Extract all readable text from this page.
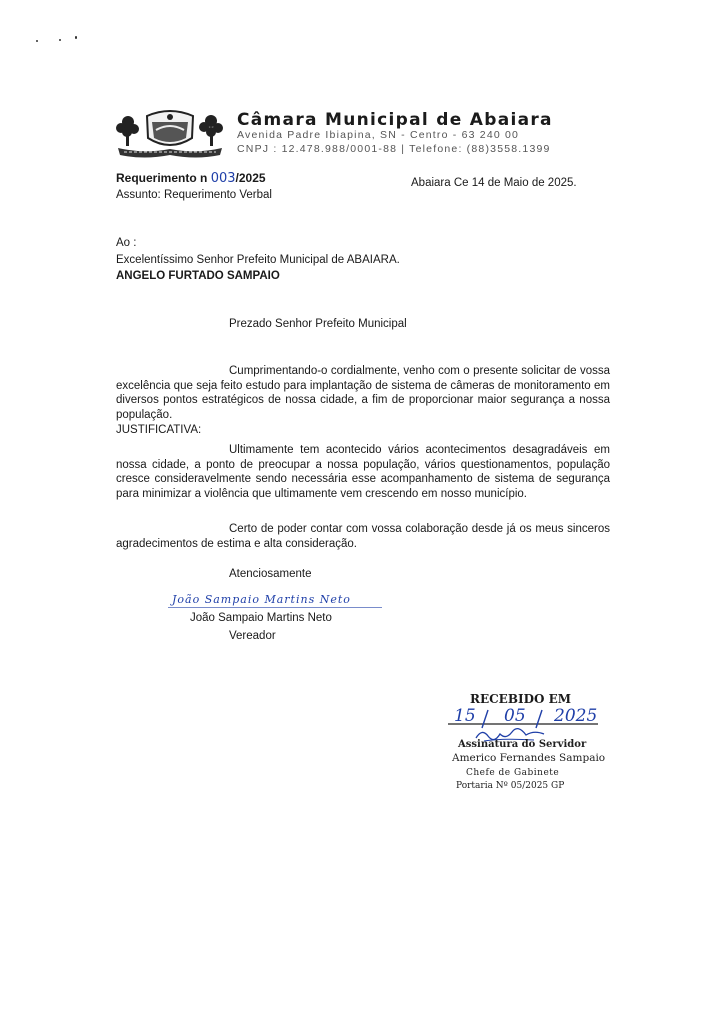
Câmara Municipal de Abaiara
Avenida Padre Ibiapina, SN - Centro - 63 240 00
CNPJ : 12.478.988/0001-88 | Telefone: (88)3558.1399
Requerimento n 003/2025
Assunto: Requerimento Verbal
Abaiara Ce 14 de Maio de 2025.
Ao :
Excelentíssimo Senhor Prefeito Municipal de ABAIARA.
ANGELO FURTADO SAMPAIO
Prezado Senhor Prefeito Municipal
Cumprimentando-o cordialmente, venho com o presente solicitar de vossa excelência que seja feito estudo para implantação de sistema de câmeras de monitoramento em diversos pontos estratégicos de nossa cidade, a fim de proporcionar maior segurança a nossa população.
JUSTIFICATIVA:
Ultimamente tem acontecido vários acontecimentos desagradáveis em nossa cidade, a ponto de preocupar a nossa população, vários questionamentos, população cresce consideravelmente sendo necessária esse acompanhamento de sistema de segurança para minimizar a violência que ultimamente vem crescendo em nosso município.
Certo de poder contar com vossa colaboração desde já os meus sinceros agradecimentos de estima e alta consideração.
Atenciosamente
João Sampaio Martins Neto
João Sampaio Martins Neto
Vereador
RECEBIDO EM
15 05 2025
Assinatura do Servidor
Americo Fernandes Sampaio
Chefe de Gabinete
Portaria Nº 05/2025 GP
